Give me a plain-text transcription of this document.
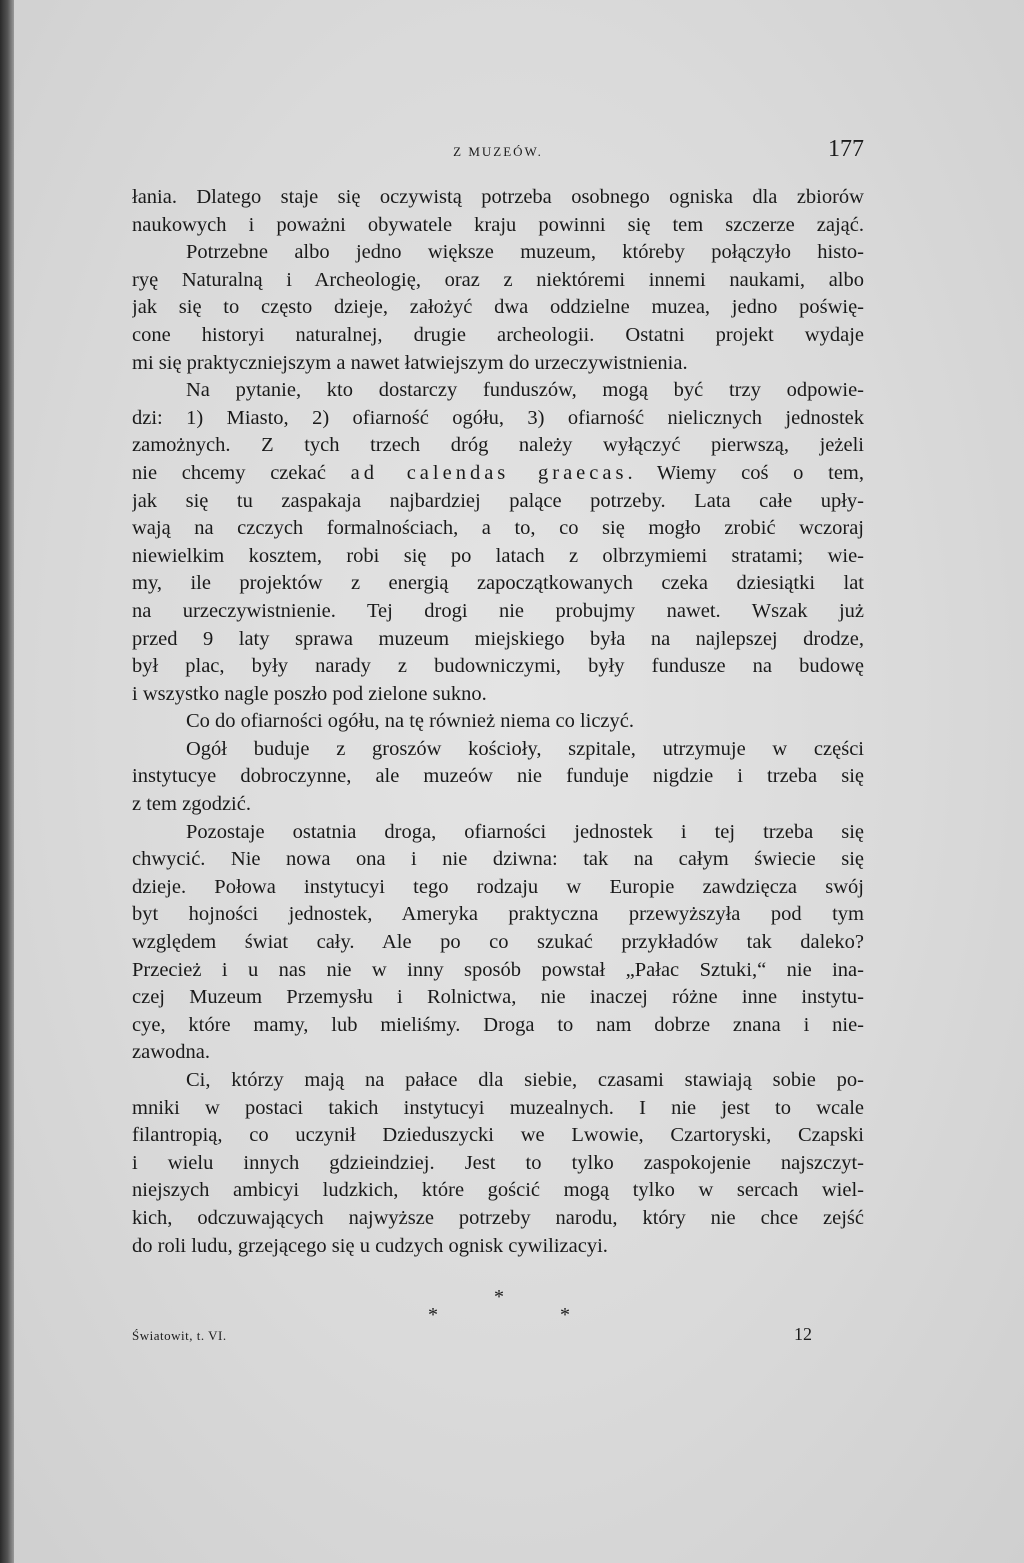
Z MUZEÓW.	177
łania. Dlatego staje się oczywistą potrzeba osobnego ogniska dla zbiorów
naukowych i poważni obywatele kraju powinni się tem szczerze zająć.
Potrzebne albo jedno większe muzeum, któreby połączyło histo-
ryę Naturalną i Archeologię, oraz z niektóremi innemi naukami, albo
jak się to często dzieje, założyć dwa oddzielne muzea, jedno poświę-
cone historyi naturalnej, drugie archeologii. Ostatni projekt wydaje
mi się praktyczniejszym a nawet łatwiejszym do urzeczywistnienia.
Na pytanie, kto dostarczy funduszów, mogą być trzy odpowie-
dzi: 1) Miasto, 2) ofiarność ogółu, 3) ofiarność nielicznych jednostek
zamożnych. Z tych trzech dróg należy wyłączyć pierwszą, jeżeli
nie chcemy czekać ad calendas graecas. Wiemy coś o tem,
jak się tu zaspakaja najbardziej palące potrzeby. Lata całe upły-
wają na czczych formalnościach, a to, co się mogło zrobić wczoraj
niewielkim kosztem, robi się po latach z olbrzymiemi stratami; wie-
my, ile projektów z energią zapoczątkowanych czeka dziesiątki lat
na urzeczywistnienie. Tej drogi nie probujmy nawet. Wszak już
przed 9 laty sprawa muzeum miejskiego była na najlepszej drodze,
był plac, były narady z budowniczymi, były fundusze na budowę
i wszystko nagle poszło pod zielone sukno.
Co do ofiarności ogółu, na tę również niema co liczyć.
Ogół buduje z groszów kościoły, szpitale, utrzymuje w części
instytucye dobroczynne, ale muzeów nie funduje nigdzie i trzeba się
z tem zgodzić.
Pozostaje ostatnia droga, ofiarności jednostek i tej trzeba się
chwycić. Nie nowa ona i nie dziwna: tak na całym świecie się
dzieje. Połowa instytucyi tego rodzaju w Europie zawdzięcza swój
byt hojności jednostek, Ameryka praktyczna przewyższyła pod tym
względem świat cały. Ale po co szukać przykładów tak daleko?
Przecież i u nas nie w inny sposób powstał „Pałac Sztuki,“ nie ina-
czej Muzeum Przemysłu i Rolnictwa, nie inaczej różne inne instytu-
cye, które mamy, lub mieliśmy. Droga to nam dobrze znana i nie-
zawodna.
Ci, którzy mają na pałace dla siebie, czasami stawiają sobie po-
mniki w postaci takich instytucyi muzealnych. I nie jest to wcale
filantropią, co uczynił Dzieduszycki we Lwowie, Czartoryski, Czapski
i wielu innych gdzieindziej. Jest to tylko zaspokojenie najszczyt-
niejszych ambicyi ludzkich, które gościć mogą tylko w sercach wiel-
kich, odczuwających najwyższe potrzeby narodu, który nie chce zejść
do roli ludu, grzejącego się u cudzych ognisk cywilizacyi.
*
*	*
Światowit, t. VI.	12
